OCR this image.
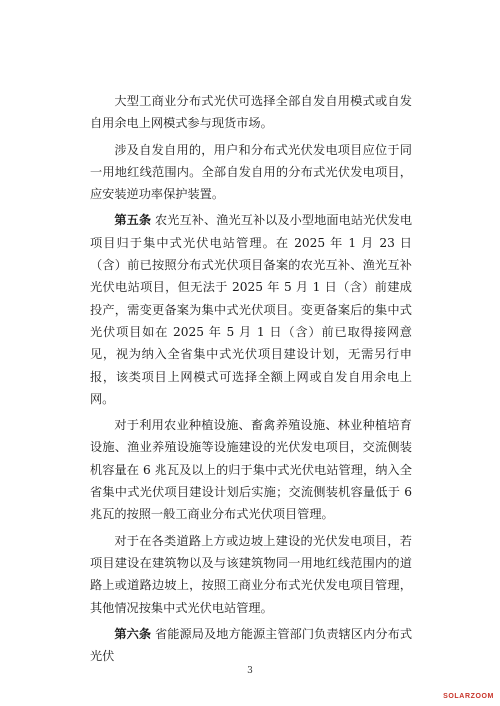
大型工商业分布式光伏可选择全部自发自用模式或自发自用余电上网模式参与现货市场。

涉及自发自用的，用户和分布式光伏发电项目应位于同一用地红线范围内。全部自发自用的分布式光伏发电项目，应安装逆功率保护装置。

第五条 农光互补、渔光互补以及小型地面电站光伏发电项目归于集中式光伏电站管理。在 2025 年 1 月 23 日（含）前已按照分布式光伏项目备案的农光互补、渔光互补光伏电站项目，但无法于 2025 年 5 月 1 日（含）前建成投产，需变更备案为集中式光伏项目。变更备案后的集中式光伏项目如在 2025 年 5 月 1 日（含）前已取得接网意见，视为纳入全省集中式光伏项目建设计划，无需另行申报，该类项目上网模式可选择全额上网或自发自用余电上网。

对于利用农业种植设施、畜禽养殖设施、林业种植培育设施、渔业养殖设施等设施建设的光伏发电项目，交流侧装机容量在 6 兆瓦及以上的归于集中式光伏电站管理，纳入全省集中式光伏项目建设计划后实施；交流侧装机容量低于 6 兆瓦的按照一般工商业分布式光伏项目管理。

对于在各类道路上方或边坡上建设的光伏发电项目，若项目建设在建筑物以及与该建筑物同一用地红线范围内的道路上或道路边坡上，按照工商业分布式光伏发电项目管理，其他情况按集中式光伏电站管理。

第六条 省能源局及地方能源主管部门负责辖区内分布式光伏

3
SOLARZOOM
